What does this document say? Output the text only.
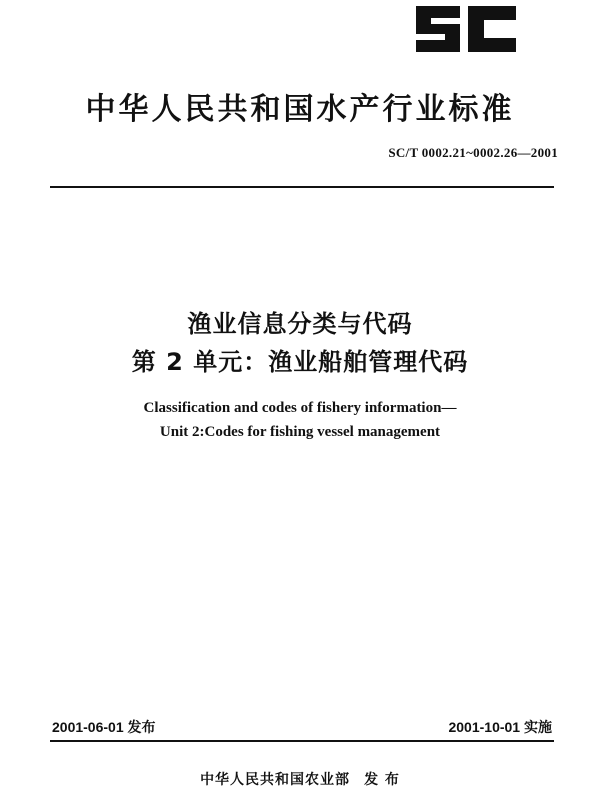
中华人民共和国水产行业标准
SC/T 0002.21~0002.26—2001
渔业信息分类与代码
第 2 单元：渔业船舶管理代码
Classification and codes of fishery information—
Unit 2:Codes for fishing vessel management
2001-06-01 发布	2001-10-01 实施
中华人民共和国农业部 发 布
